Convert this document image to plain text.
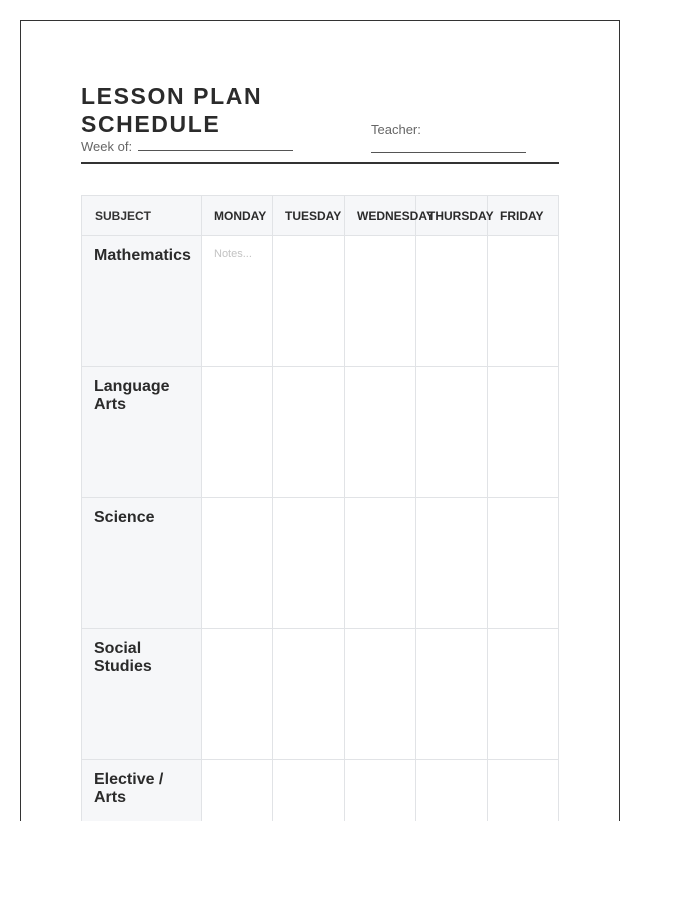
LESSON PLAN SCHEDULE
Week of:
Teacher:
SUBJECT	MONDAY	TUESDAY	WEDNESDAY	THURSDAY	FRIDAY
Mathematics	Notes...				

Language Arts					
Science					
Social Studies					
Elective / Arts					
